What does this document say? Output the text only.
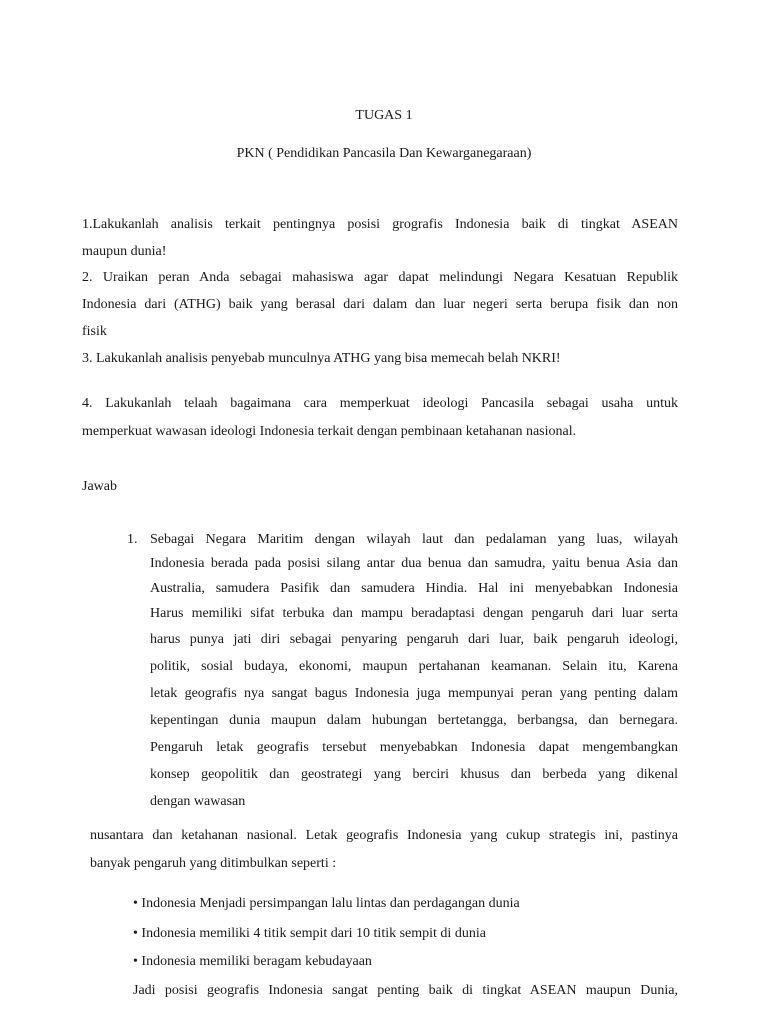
TUGAS 1
PKN ( Pendidikan Pancasila Dan Kewarganegaraan)
1.Lakukanlah analisis terkait pentingnya posisi grografis Indonesia baik di tingkat ASEAN
maupun dunia!
2. Uraikan peran Anda sebagai mahasiswa agar dapat melindungi Negara Kesatuan Republik
Indonesia dari (ATHG) baik yang berasal dari dalam dan luar negeri serta berupa fisik dan non
fisik
3. Lakukanlah analisis penyebab munculnya ATHG yang bisa memecah belah NKRI!
4. Lakukanlah telaah bagaimana cara memperkuat ideologi Pancasila sebagai usaha untuk
memperkuat wawasan ideologi Indonesia terkait dengan pembinaan ketahanan nasional.
Jawab
1. Sebagai Negara Maritim dengan wilayah laut dan pedalaman yang luas, wilayah
Indonesia berada pada posisi silang antar dua benua dan samudra, yaitu benua Asia dan
Australia, samudera Pasifik dan samudera Hindia. Hal ini menyebabkan Indonesia
Harus memiliki sifat terbuka dan mampu beradaptasi dengan pengaruh dari luar serta
harus punya jati diri sebagai penyaring pengaruh dari luar, baik pengaruh ideologi,
politik, sosial budaya, ekonomi, maupun pertahanan keamanan. Selain itu, Karena
letak geografis nya sangat bagus Indonesia juga mempunyai peran yang penting dalam
kepentingan dunia maupun dalam hubungan bertetangga, berbangsa, dan bernegara.
Pengaruh letak geografis tersebut menyebabkan Indonesia dapat mengembangkan
konsep geopolitik dan geostrategi yang berciri khusus dan berbeda yang dikenal
dengan wawasan
nusantara dan ketahanan nasional. Letak geografis Indonesia yang cukup strategis ini, pastinya
banyak pengaruh yang ditimbulkan seperti :
• Indonesia Menjadi persimpangan lalu lintas dan perdagangan dunia
• Indonesia memiliki 4 titik sempit dari 10 titik sempit di dunia
• Indonesia memiliki beragam kebudayaan
Jadi posisi geografis Indonesia sangat penting baik di tingkat ASEAN maupun Dunia,
